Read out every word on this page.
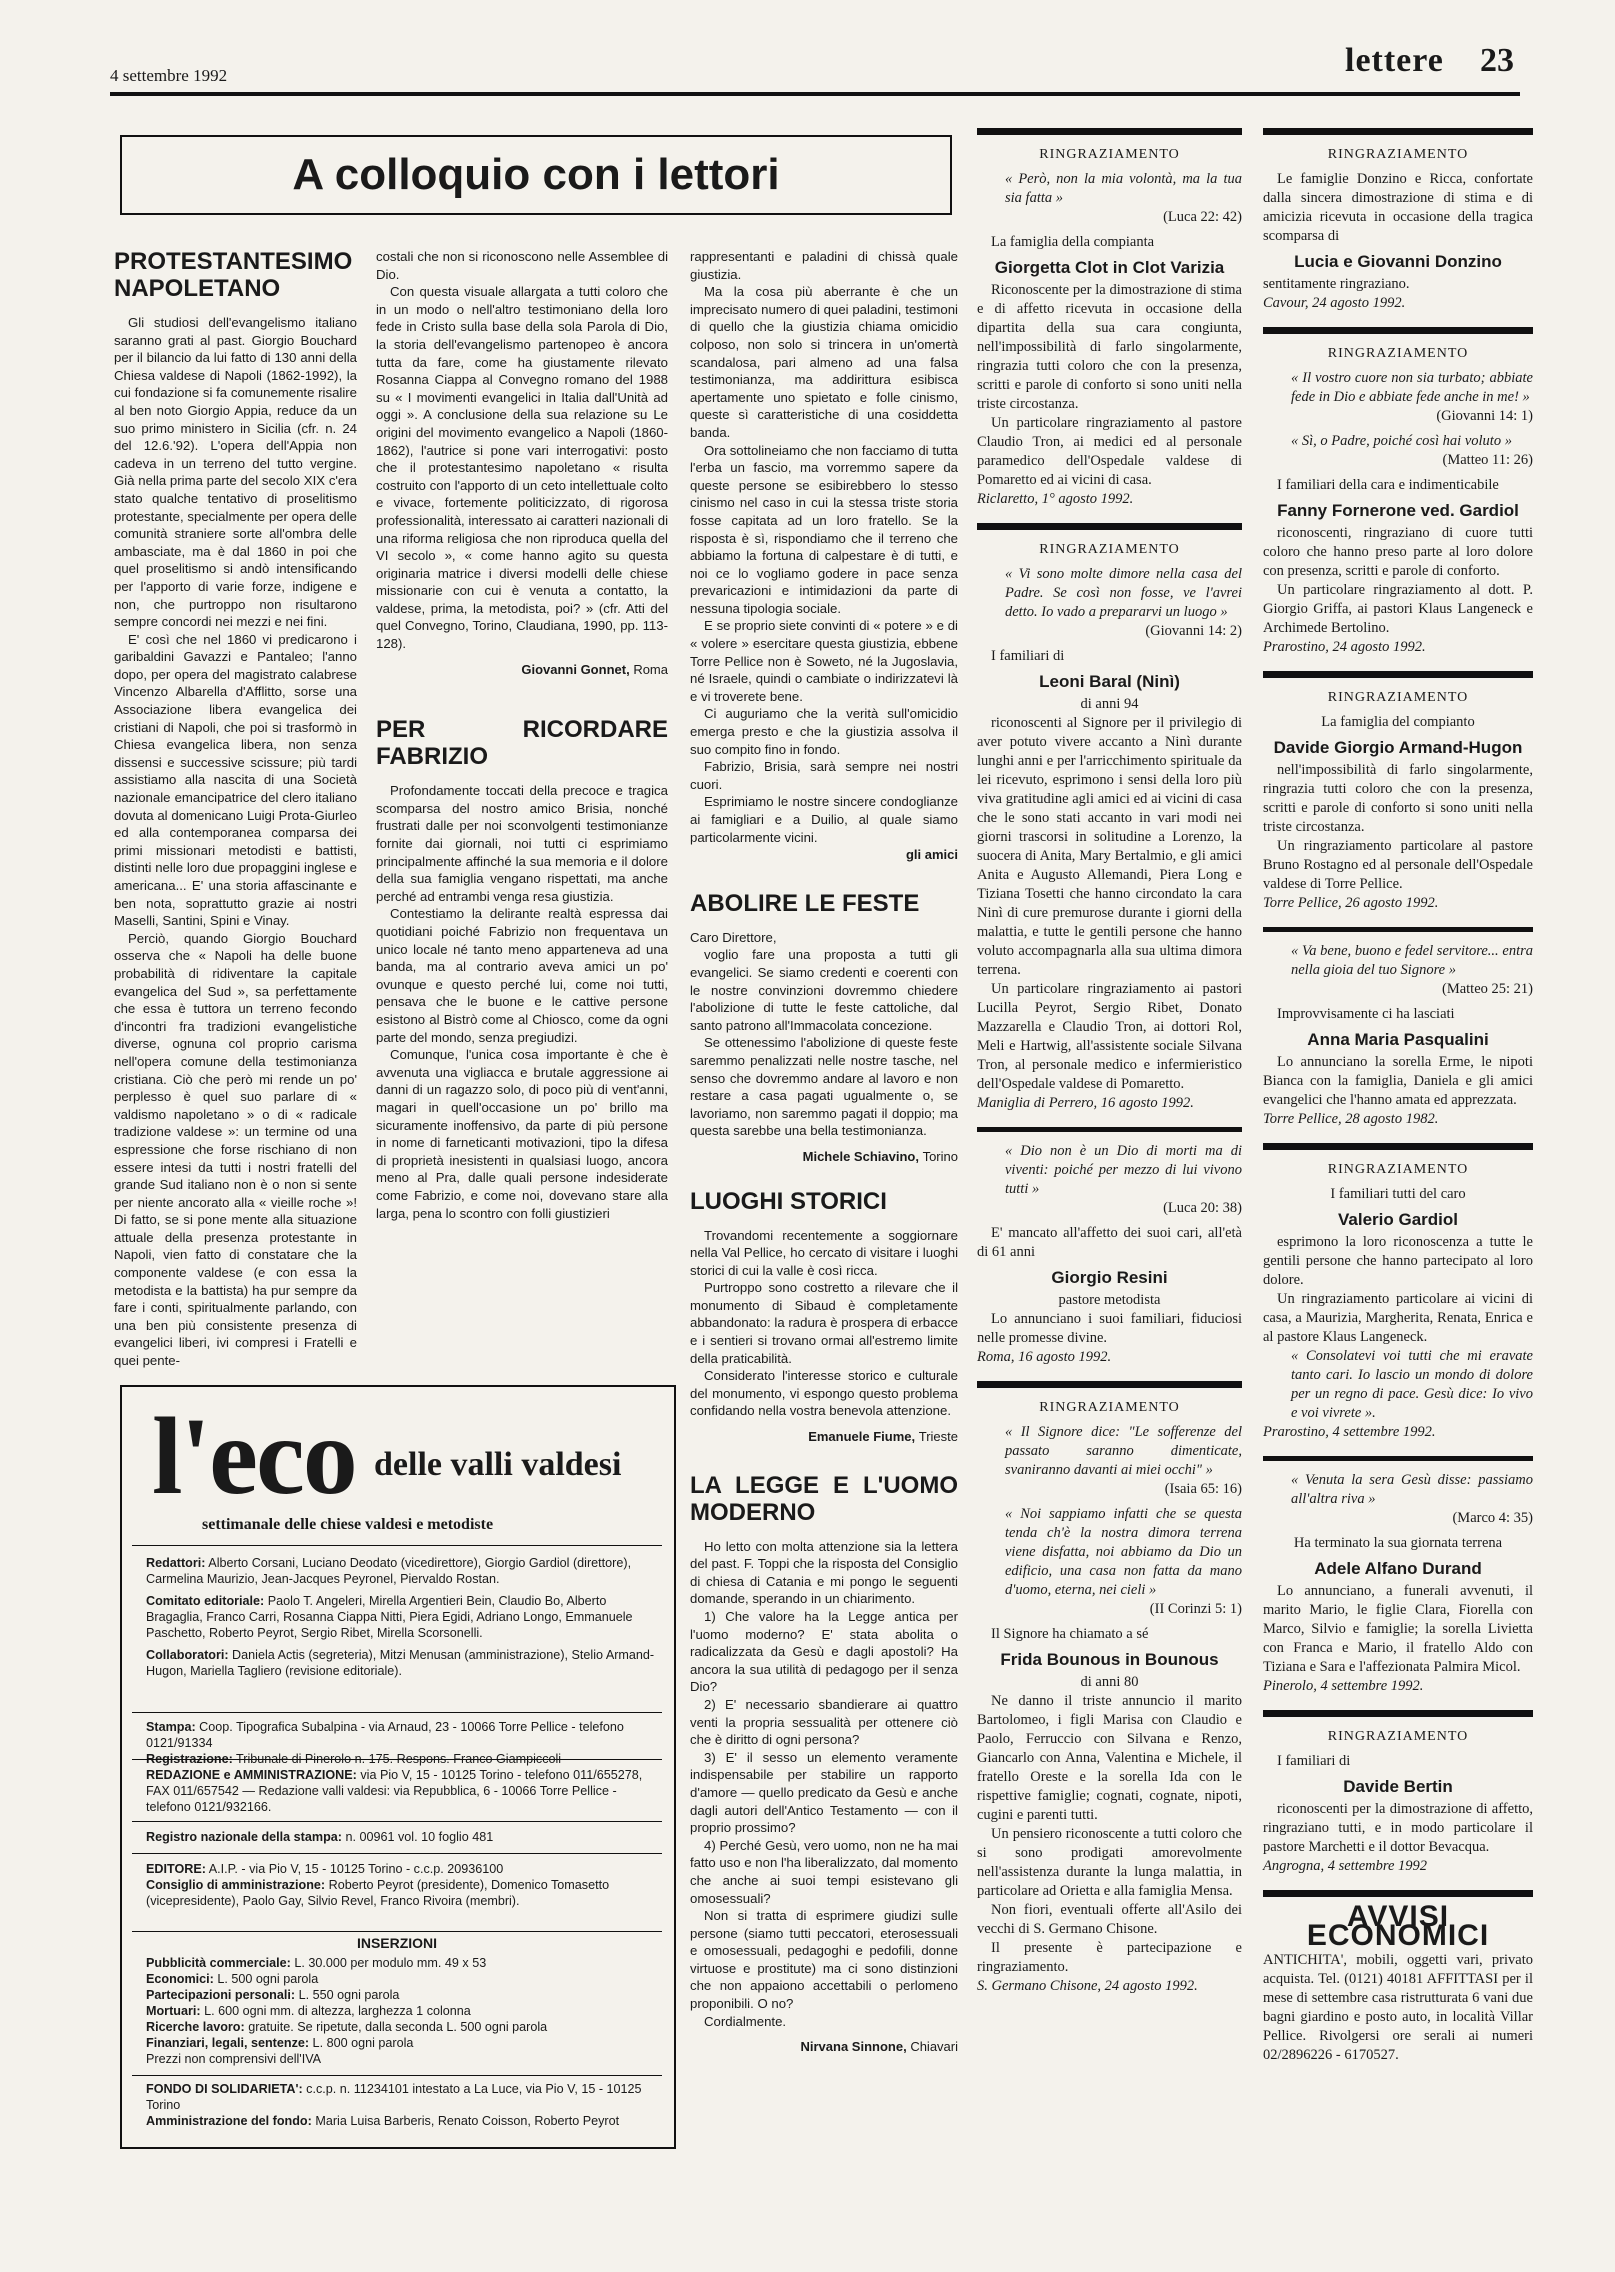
4 settembre 1992	lettere 23
A colloquio con i lettori
PROTESTANTESIMO NAPOLETANO

Gli studiosi dell'evangelismo italiano saranno grati al past. Giorgio Bouchard per il bilancio da lui fatto di 130 anni della Chiesa valdese di Napoli (1862-1992), la cui fondazione si fa comunemente risalire al ben noto Giorgio Appia, reduce da un suo primo ministero in Sicilia (cfr. n. 24 del 12.6.'92). L'opera dell'Appia non cadeva in un terreno del tutto vergine. Già nella prima parte del secolo XIX c'era stato qualche tentativo di proselitismo protestante, specialmente per opera delle comunità straniere sorte all'ombra delle ambasciate, ma è dal 1860 in poi che quel proselitismo si andò intensificando per l'apporto di varie forze, indigene e non, che purtroppo non risultarono sempre concordi nei mezzi e nei fini.

E' così che nel 1860 vi predicarono i garibaldini Gavazzi e Pantaleo; l'anno dopo, per opera del magistrato calabrese Vincenzo Albarella d'Afflitto, sorse una Associazione libera evangelica dei cristiani di Napoli, che poi si trasformò in Chiesa evangelica libera, non senza dissensi e successive scissure; più tardi assistiamo alla nascita di una Società nazionale emancipatrice del clero italiano dovuta al domenicano Luigi Prota-Giurleo ed alla contemporanea comparsa dei primi missionari metodisti e battisti, distinti nelle loro due propaggini inglese e americana... E' una storia affascinante e ben nota, soprattutto grazie ai nostri Maselli, Santini, Spini e Vinay.

Perciò, quando Giorgio Bouchard osserva che « Napoli ha delle buone probabilità di ridiventare la capitale evangelica del Sud », sa perfettamente che essa è tuttora un terreno fecondo d'incontri fra tradizioni evangelistiche diverse, ognuna col proprio carisma nell'opera comune della testimonianza cristiana. Ciò che però mi rende un po' perplesso è quel suo parlare di « valdismo napoletano » o di « radicale tradizione valdese »: un termine od una espressione che forse rischiano di non essere intesi da tutti i nostri fratelli del grande Sud italiano non è o non si sente per niente ancorato alla « vieille roche »! Di fatto, se si pone mente alla situazione attuale della presenza protestante in Napoli, vien fatto di constatare che la componente valdese (e con essa la metodista e la battista) ha pur sempre da fare i conti, spiritualmente parlando, con una ben più consistente presenza di evangelici liberi, ivi compresi i Fratelli e quei pente-

costali che non si riconoscono nelle Assemblee di Dio.

Con questa visuale allargata a tutti coloro che in un modo o nell'altro testimoniano della loro fede in Cristo sulla base della sola Parola di Dio, la storia dell'evangelismo partenopeo è ancora tutta da fare, come ha giustamente rilevato Rosanna Ciappa al Convegno romano del 1988 su « I movimenti evangelici in Italia dall'Unità ad oggi ». A conclusione della sua relazione su Le origini del movimento evangelico a Napoli (1860-1862), l'autrice si pone vari interrogativi: posto che il protestantesimo napoletano « risulta costruito con l'apporto di un ceto intellettuale colto e vivace, fortemente politicizzato, di rigorosa professionalità, interessato ai caratteri nazionali di una riforma religiosa che non riproduca quella del VI secolo », « come hanno agito su questa originaria matrice i diversi modelli delle chiese missionarie con cui è venuta a contatto, la valdese, prima, la metodista, poi? » (cfr. Atti del quel Convegno, Torino, Claudiana, 1990, pp. 113-128).

Giovanni Gonnet, Roma
PER RICORDARE FABRIZIO

Profondamente toccati della precoce e tragica scomparsa del nostro amico Brisia, nonché frustrati dalle per noi sconvolgenti testimonianze fornite dai giornali, noi tutti ci esprimiamo principalmente affinché la sua memoria e il dolore della sua famiglia vengano rispettati, ma anche perché ad entrambi venga resa giustizia.

Contestiamo la delirante realtà espressa dai quotidiani poiché Fabrizio non frequentava un unico locale né tanto meno apparteneva ad una banda, ma al contrario aveva amici un po' ovunque e questo perché lui, come noi tutti, pensava che le buone e le cattive persone esistono al Bistrò come al Chiosco, come da ogni parte del mondo, senza pregiudizi.

Comunque, l'unica cosa importante è che è avvenuta una vigliacca e brutale aggressione ai danni di un ragazzo solo, di poco più di vent'anni, magari in quell'occasione un po' brillo ma sicuramente inoffensivo, da parte di più persone in nome di farneticanti motivazioni, tipo la difesa di proprietà inesistenti in qualsiasi luogo, ancora meno al Pra, dalle quali persone indesiderate come Fabrizio, e come noi, dovevano stare alla larga, pena lo scontro con folli giustizieri

rappresentanti e paladini di chissà quale giustizia.

Ma la cosa più aberrante è che un imprecisato numero di quei paladini, testimoni di quello che la giustizia chiama omicidio colposo, non solo si trincera in un'omertà scandalosa, pari almeno ad una falsa testimonianza, ma addirittura esibisca apertamente uno spietato e folle cinismo, queste sì caratteristiche di una cosiddetta banda.

Ora sottolineiamo che non facciamo di tutta l'erba un fascio, ma vorremmo sapere da queste persone se esibirebbero lo stesso cinismo nel caso in cui la stessa triste storia fosse capitata ad un loro fratello. Se la risposta è sì, rispondiamo che il terreno che abbiamo la fortuna di calpestare è di tutti, e noi ce lo vogliamo godere in pace senza prevaricazioni e intimidazioni da parte di nessuna tipologia sociale.

E se proprio siete convinti di « potere » e di « volere » esercitare questa giustizia, ebbene Torre Pellice non è Soweto, né la Jugoslavia, né Israele, quindi o cambiate o indirizzatevi là e vi troverete bene.

Ci auguriamo che la verità sull'omicidio emerga presto e che la giustizia assolva il suo compito fino in fondo.

Fabrizio, Brisia, sarà sempre nei nostri cuori.

Esprimiamo le nostre sincere condoglianze ai famigliari e a Duilio, al quale siamo particolarmente vicini.

gli amici
ABOLIRE LE FESTE

Caro Direttore,

voglio fare una proposta a tutti gli evangelici. Se siamo credenti e coerenti con le nostre convinzioni dovremmo chiedere l'abolizione di tutte le feste cattoliche, dal santo patrono all'Immacolata concezione.

Se ottenessimo l'abolizione di queste feste saremmo penalizzati nelle nostre tasche, nel senso che dovremmo andare al lavoro e non restare a casa pagati ugualmente o, se lavoriamo, non saremmo pagati il doppio; ma questa sarebbe una bella testimonianza.

Michele Schiavino, Torino
LUOGHI STORICI

Trovandomi recentemente a soggiornare nella Val Pellice, ho cercato di visitare i luoghi storici di cui la valle è così ricca.

Purtroppo sono costretto a rilevare che il monumento di Sibaud è completamente abbandonato: la radura è prospera di erbacce e i sentieri si trovano ormai all'estremo limite della praticabilità.

Considerato l'interesse storico e culturale del monumento, vi espongo questo problema confidando nella vostra benevola attenzione.

Emanuele Fiume, Trieste
LA LEGGE E L'UOMO MODERNO

Ho letto con molta attenzione sia la lettera del past. F. Toppi che la risposta del Consiglio di chiesa di Catania e mi pongo le seguenti domande, sperando in un chiarimento.

1) Che valore ha la Legge antica per l'uomo moderno? E' stata abolita o radicalizzata da Gesù e dagli apostoli? Ha ancora la sua utilità di pedagogo per il senza Dio?

2) E' necessario sbandierare ai quattro venti la propria sessualità per ottenere ciò che è diritto di ogni persona?

3) E' il sesso un elemento veramente indispensabile per stabilire un rapporto d'amore — quello predicato da Gesù e anche dagli autori dell'Antico Testamento — con il proprio prossimo?

4) Perché Gesù, vero uomo, non ne ha mai fatto uso e non l'ha liberalizzato, dal momento che anche ai suoi tempi esistevano gli omosessuali?

Non si tratta di esprimere giudizi sulle persone (siamo tutti peccatori, eterosessuali e omosessuali, pedagoghi e pedofili, donne virtuose e prostitute) ma ci sono distinzioni che non appaiono accettabili o perlomeno proponibili. O no?

Cordialmente.

Nirvana Sinnone, Chiavari
l'eco delle valli valdesi
settimanale delle chiese valdesi e metodiste
Redattori: Alberto Corsani, Luciano Deodato (vicedirettore), Giorgio Gardiol (direttore), Carmelina Maurizio, Jean-Jacques Peyronel, Piervaldo Rostan.
Comitato editoriale: Paolo T. Angeleri, Mirella Argentieri Bein, Claudio Bo, Alberto Bragaglia, Franco Carri, Rosanna Ciappa Nitti, Piera Egidi, Adriano Longo, Emmanuele Paschetto, Roberto Peyrot, Sergio Ribet, Mirella Scorsonelli.
Collaboratori: Daniela Actis (segreteria), Mitzi Menusan (amministrazione), Stelio Armand-Hugon, Mariella Tagliero (revisione editoriale).
Stampa: Coop. Tipografica Subalpina - via Arnaud, 23 - 10066 Torre Pellice - telefono 0121/91334
Registrazione: Tribunale di Pinerolo n. 175. Respons. Franco Giampiccoli
REDAZIONE e AMMINISTRAZIONE: via Pio V, 15 - 10125 Torino - telefono 011/655278, FAX 011/657542 — Redazione valli valdesi: via Repubblica, 6 - 10066 Torre Pellice - telefono 0121/932166.
Registro nazionale della stampa: n. 00961 vol. 10 foglio 481
EDITORE: A.I.P. - via Pio V, 15 - 10125 Torino - c.c.p. 20936100
Consiglio di amministrazione: Roberto Peyrot (presidente), Domenico Tomasetto (vicepresidente), Paolo Gay, Silvio Revel, Franco Rivoira (membri).
INSERZIONI
Pubblicità commerciale: L. 30.000 per modulo mm. 49 x 53
Economici: L. 500 ogni parola
Partecipazioni personali: L. 550 ogni parola
Mortuari: L. 600 ogni mm. di altezza, larghezza 1 colonna
Ricerche lavoro: gratuite. Se ripetute, dalla seconda L. 500 ogni parola
Finanziari, legali, sentenze: L. 800 ogni parola
Prezzi non comprensivi dell'IVA
FONDO DI SOLIDARIETA': c.c.p. n. 11234101 intestato a La Luce, via Pio V, 15 - 10125 Torino
Amministrazione del fondo: Maria Luisa Barberis, Renato Coisson, Roberto Peyrot
RINGRAZIAMENTO

« Però, non la mia volontà, ma la tua sia fatta »

(Luca 22: 42)

La famiglia della compianta

Giorgetta Clot in Clot Varizia

Riconoscente per la dimostrazione di stima e di affetto ricevuta in occasione della dipartita della sua cara congiunta, nell'impossibilità di farlo singolarmente, ringrazia tutti coloro che con la presenza, scritti e parole di conforto si sono uniti nella triste circostanza.

Un particolare ringraziamento al pastore Claudio Tron, ai medici ed al personale paramedico dell'Ospedale valdese di Pomaretto ed ai vicini di casa.

Riclaretto, 1° agosto 1992.

RINGRAZIAMENTO

« Vi sono molte dimore nella casa del Padre. Se così non fosse, ve l'avrei detto. Io vado a prepararvi un luogo »

(Giovanni 14: 2)

I familiari di

Leoni Baral (Ninì)

di anni 94

riconoscenti al Signore per il privilegio di aver potuto vivere accanto a Ninì durante lunghi anni e per l'arricchimento spirituale da lei ricevuto, esprimono i sensi della loro più viva gratitudine agli amici ed ai vicini di casa che le sono stati accanto in vari modi nei giorni trascorsi in solitudine a Lorenzo, la suocera di Anita, Mary Bertalmio, e gli amici Anita e Augusto Allemandi, Piera Long e Tiziana Tosetti che hanno circondato la cara Ninì di cure premurose durante i giorni della malattia, e tutte le gentili persone che hanno voluto accompagnarla alla sua ultima dimora terrena.

Un particolare ringraziamento ai pastori Lucilla Peyrot, Sergio Ribet, Donato Mazzarella e Claudio Tron, ai dottori Rol, Meli e Hartwig, all'assistente sociale Silvana Tron, al personale medico e infermieristico dell'Ospedale valdese di Pomaretto.

Maniglia di Perrero, 16 agosto 1992.

« Dio non è un Dio di morti ma di viventi: poiché per mezzo di lui vivono tutti »

(Luca 20: 38)

E' mancato all'affetto dei suoi cari, all'età di 61 anni

Giorgio Resini

pastore metodista

Lo annunciano i suoi familiari, fiduciosi nelle promesse divine.

Roma, 16 agosto 1992.

RINGRAZIAMENTO

« Il Signore dice: "Le sofferenze del passato saranno dimenticate, svaniranno davanti ai miei occhi" »

(Isaia 65: 16)

« Noi sappiamo infatti che se questa tenda ch'è la nostra dimora terrena viene disfatta, noi abbiamo da Dio un edificio, una casa non fatta da mano d'uomo, eterna, nei cieli »

(II Corinzi 5: 1)

Il Signore ha chiamato a sé

Frida Bounous in Bounous

di anni 80

Ne danno il triste annuncio il marito Bartolomeo, i figli Marisa con Claudio e Paolo, Ferruccio con Silvana e Renzo, Giancarlo con Anna, Valentina e Michele, il fratello Oreste e la sorella Ida con le rispettive famiglie; cognati, cognate, nipoti, cugini e parenti tutti.

Un pensiero riconoscente a tutti coloro che si sono prodigati amorevolmente nell'assistenza durante la lunga malattia, in particolare ad Orietta e alla famiglia Mensa.

Non fiori, eventuali offerte all'Asilo dei vecchi di S. Germano Chisone.

Il presente è partecipazione e ringraziamento.

S. Germano Chisone, 24 agosto 1992.

RINGRAZIAMENTO

Le famiglie Donzino e Ricca, confortate dalla sincera dimostrazione di stima e di amicizia ricevuta in occasione della tragica scomparsa di

Lucia e Giovanni Donzino

sentitamente ringraziano.

Cavour, 24 agosto 1992.

RINGRAZIAMENTO

« Il vostro cuore non sia turbato; abbiate fede in Dio e abbiate fede anche in me! »

(Giovanni 14: 1)

« Sì, o Padre, poiché così hai voluto »

(Matteo 11: 26)

I familiari della cara e indimenticabile

Fanny Fornerone ved. Gardiol

riconoscenti, ringraziano di cuore tutti coloro che hanno preso parte al loro dolore con presenza, scritti e parole di conforto.

Un particolare ringraziamento al dott. P. Giorgio Griffa, ai pastori Klaus Langeneck e Archimede Bertolino.

Prarostino, 24 agosto 1992.

RINGRAZIAMENTO

La famiglia del compianto

Davide Giorgio Armand-Hugon

nell'impossibilità di farlo singolarmente, ringrazia tutti coloro che con la presenza, scritti e parole di conforto si sono uniti nella triste circostanza.

Un ringraziamento particolare al pastore Bruno Rostagno ed al personale dell'Ospedale valdese di Torre Pellice.

Torre Pellice, 26 agosto 1992.

« Va bene, buono e fedel servitore... entra nella gioia del tuo Signore »

(Matteo 25: 21)

Improvvisamente ci ha lasciati

Anna Maria Pasqualini

Lo annunciano la sorella Erme, le nipoti Bianca con la famiglia, Daniela e gli amici evangelici che l'hanno amata ed apprezzata.

Torre Pellice, 28 agosto 1982.

RINGRAZIAMENTO

I familiari tutti del caro

Valerio Gardiol

esprimono la loro riconoscenza a tutte le gentili persone che hanno partecipato al loro dolore.

Un ringraziamento particolare ai vicini di casa, a Maurizia, Margherita, Renata, Enrica e al pastore Klaus Langeneck.

« Consolatevi voi tutti che mi eravate tanto cari. Io lascio un mondo di dolore per un regno di pace. Gesù dice: Io vivo e voi vivrete ».

Prarostino, 4 settembre 1992.

« Venuta la sera Gesù disse: passiamo all'altra riva »

(Marco 4: 35)

Ha terminato la sua giornata terrena

Adele Alfano Durand

Lo annunciano, a funerali avvenuti, il marito Mario, le figlie Clara, Fiorella con Marco, Silvio e famiglie; la sorella Livietta con Franca e Mario, il fratello Aldo con Tiziana e Sara e l'affezionata Palmira Micol.

Pinerolo, 4 settembre 1992.

RINGRAZIAMENTO

I familiari di

Davide Bertin

riconoscenti per la dimostrazione di affetto, ringraziano tutti, e in modo particolare il pastore Marchetti e il dottor Bevacqua.

Angrogna, 4 settembre 1992

AVVISI ECONOMICI

ANTICHITA', mobili, oggetti vari, privato acquista. Tel. (0121) 40181 AFFITTASI per il mese di settembre casa ristrutturata 6 vani due bagni giardino e posto auto, in località Villar Pellice. Rivolgersi ore serali ai numeri 02/2896226 - 6170527.
